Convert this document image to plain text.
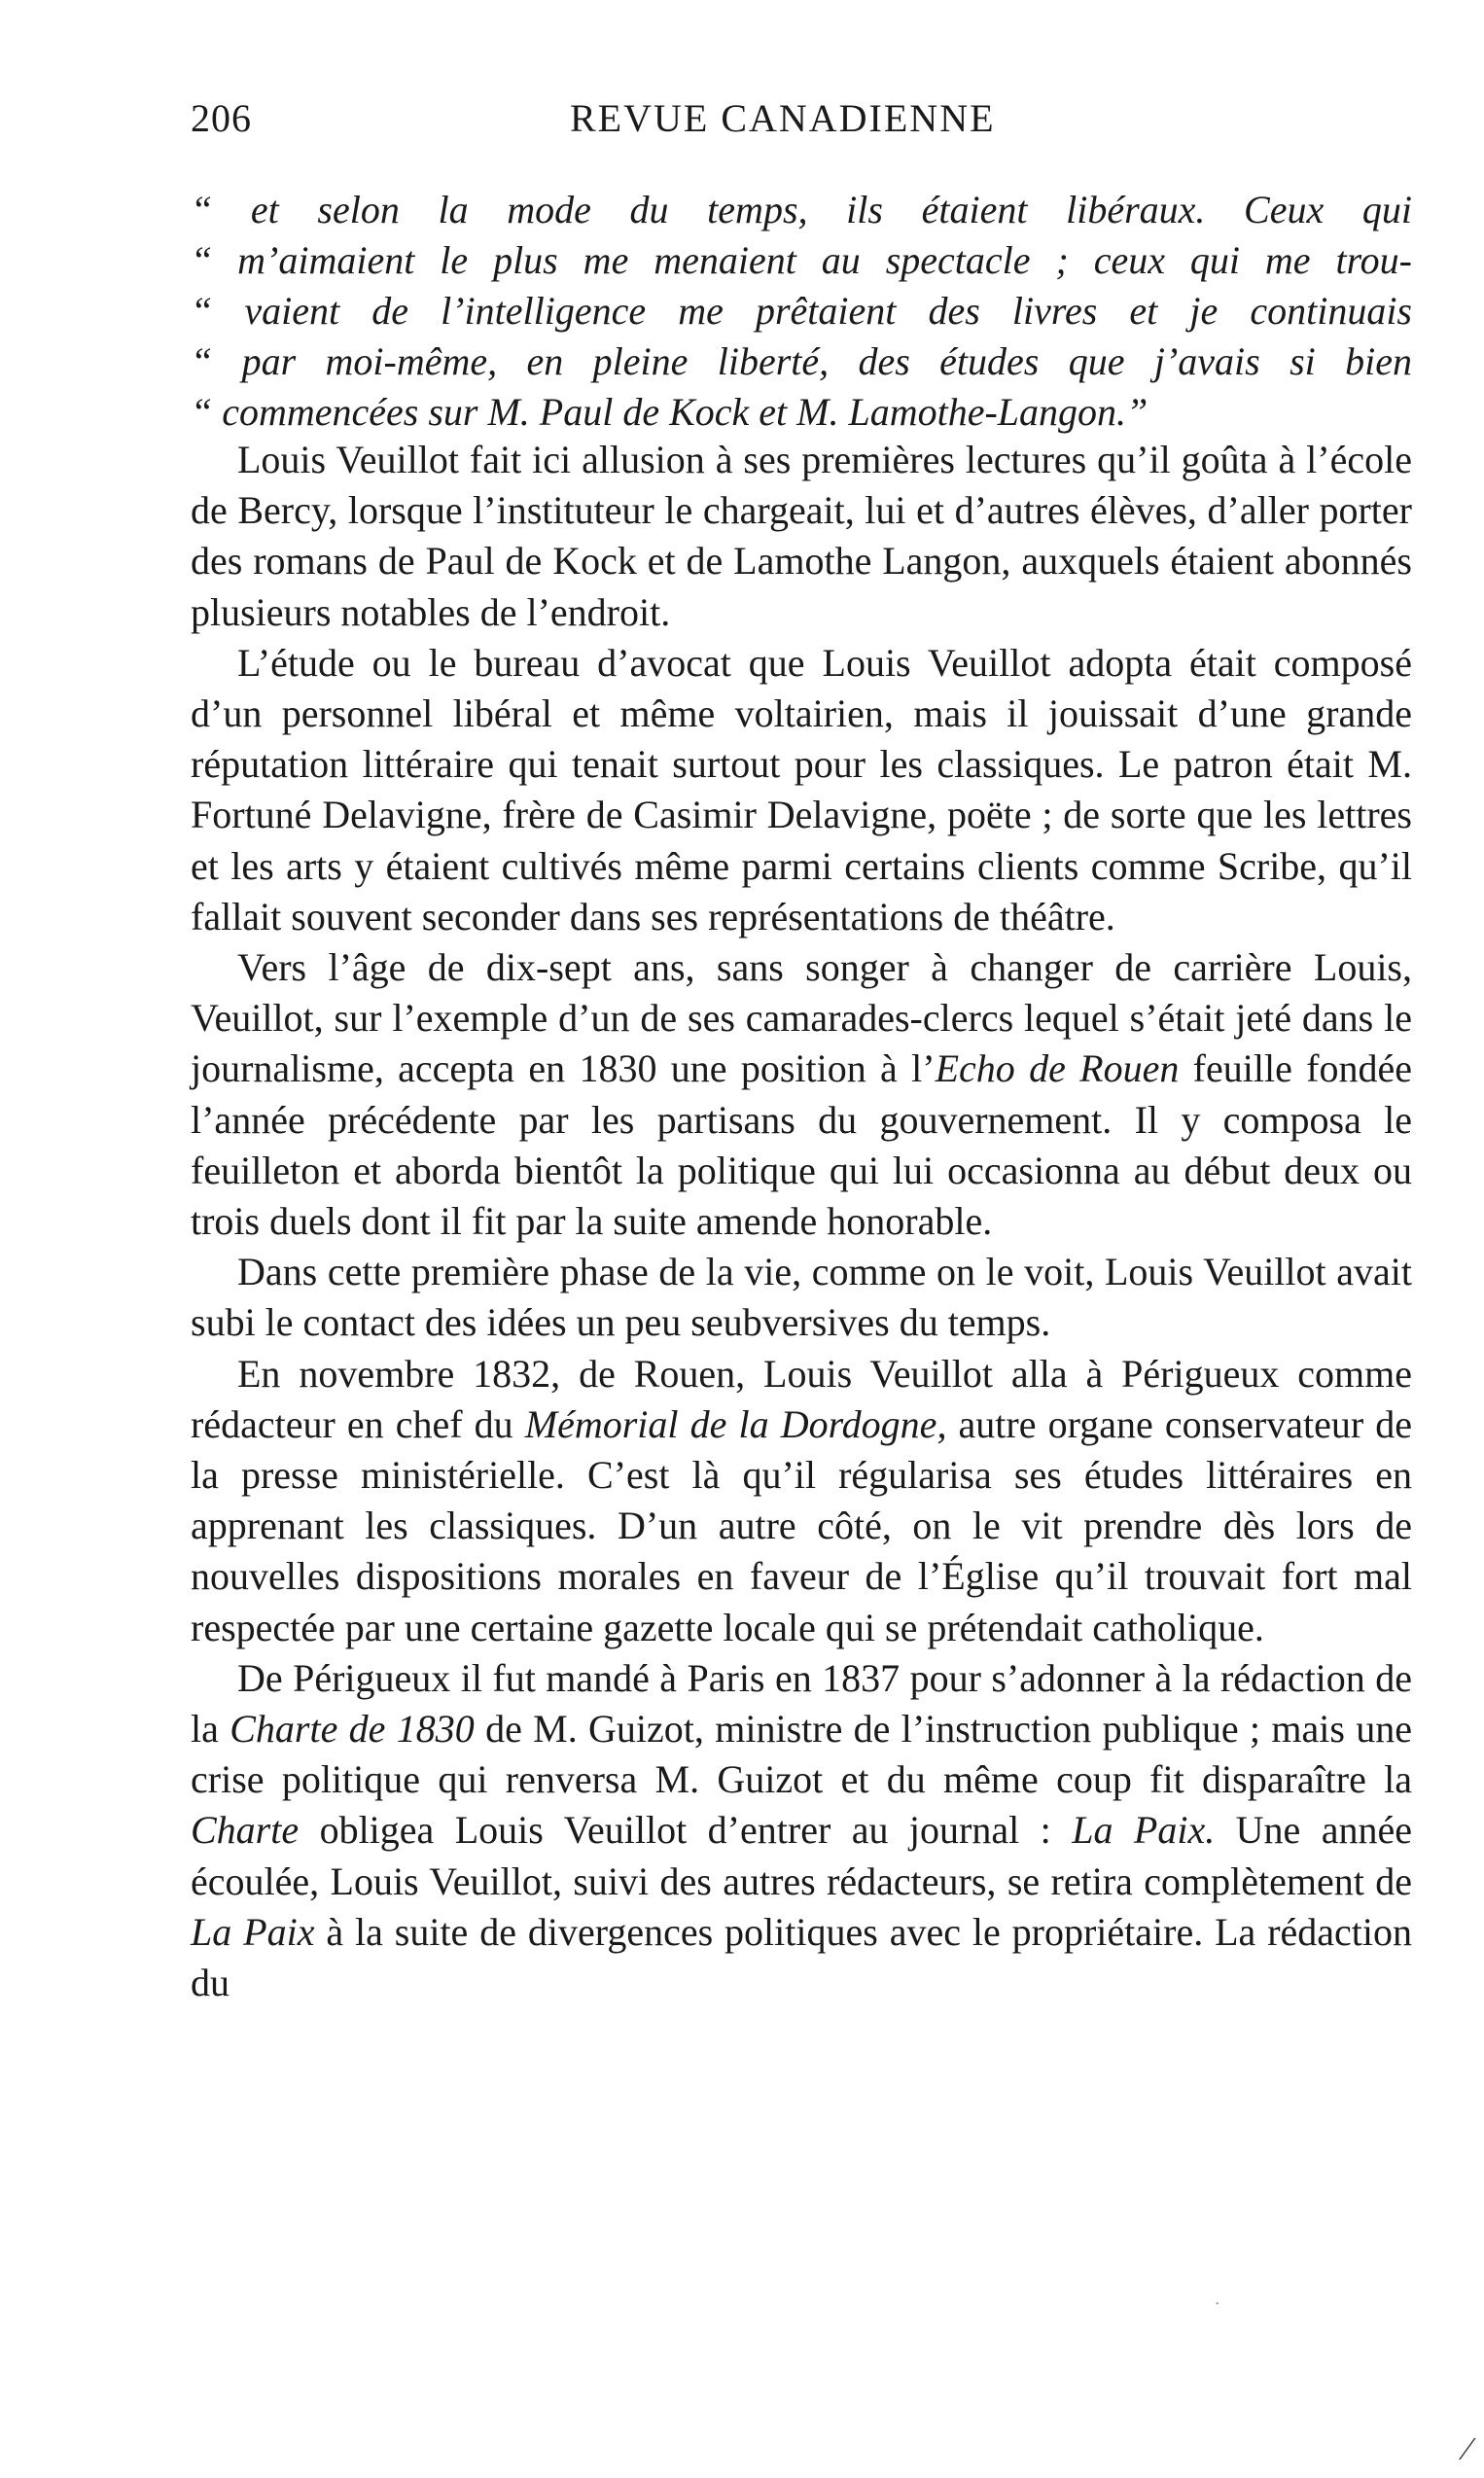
206	REVUE CANADIENNE
“ et selon la mode du temps, ils étaient libéraux. Ceux qui
“ m’aimaient le plus me menaient au spectacle ; ceux qui me trou-
“ vaient de l’intelligence me prêtaient des livres et je continuais
“ par moi-même, en pleine liberté, des études que j’avais si bien
“ commencées sur M. Paul de Kock et M. Lamothe-Langon.”

Louis Veuillot fait ici allusion à ses premières lectures qu’il goûta à l’école de Bercy, lorsque l’instituteur le chargeait, lui et d’autres élèves, d’aller porter des romans de Paul de Kock et de Lamothe Langon, auxquels étaient abonnés plusieurs notables de l’endroit.

L’étude ou le bureau d’avocat que Louis Veuillot adopta était composé d’un personnel libéral et même voltairien, mais il jouissait d’une grande réputation littéraire qui tenait surtout pour les classiques. Le patron était M. Fortuné Delavigne, frère de Casimir Delavigne, poëte ; de sorte que les lettres et les arts y étaient cultivés même parmi certains clients comme Scribe, qu’il fallait souvent seconder dans ses représentations de théâtre.

Vers l’âge de dix-sept ans, sans songer à changer de carrière Louis, Veuillot, sur l’exemple d’un de ses camarades-clercs lequel s’était jeté dans le journalisme, accepta en 1830 une position à l’Echo de Rouen feuille fondée l’année précédente par les partisans du gouvernement. Il y composa le feuilleton et aborda bientôt la politique qui lui occasionna au début deux ou trois duels dont il fit par la suite amende honorable.

Dans cette première phase de la vie, comme on le voit, Louis Veuillot avait subi le contact des idées un peu seubversives du temps.

En novembre 1832, de Rouen, Louis Veuillot alla à Périgueux comme rédacteur en chef du Mémorial de la Dordogne, autre organe conservateur de la presse ministérielle. C’est là qu’il régularisa ses études littéraires en apprenant les classiques. D’un autre côté, on le vit prendre dès lors de nouvelles dispositions morales en faveur de l’Église qu’il trouvait fort mal respectée par une certaine gazette locale qui se prétendait catholique.

De Périgueux il fut mandé à Paris en 1837 pour s’adonner à la rédaction de la Charte de 1830 de M. Guizot, ministre de l’instruction publique ; mais une crise politique qui renversa M. Guizot et du même coup fit disparaître la Charte obligea Louis Veuillot d’entrer au journal : La Paix. Une année écoulée, Louis Veuillot, suivi des autres rédacteurs, se retira complètement de La Paix à la suite de divergences politiques avec le propriétaire. La rédaction du

˙
⁄
